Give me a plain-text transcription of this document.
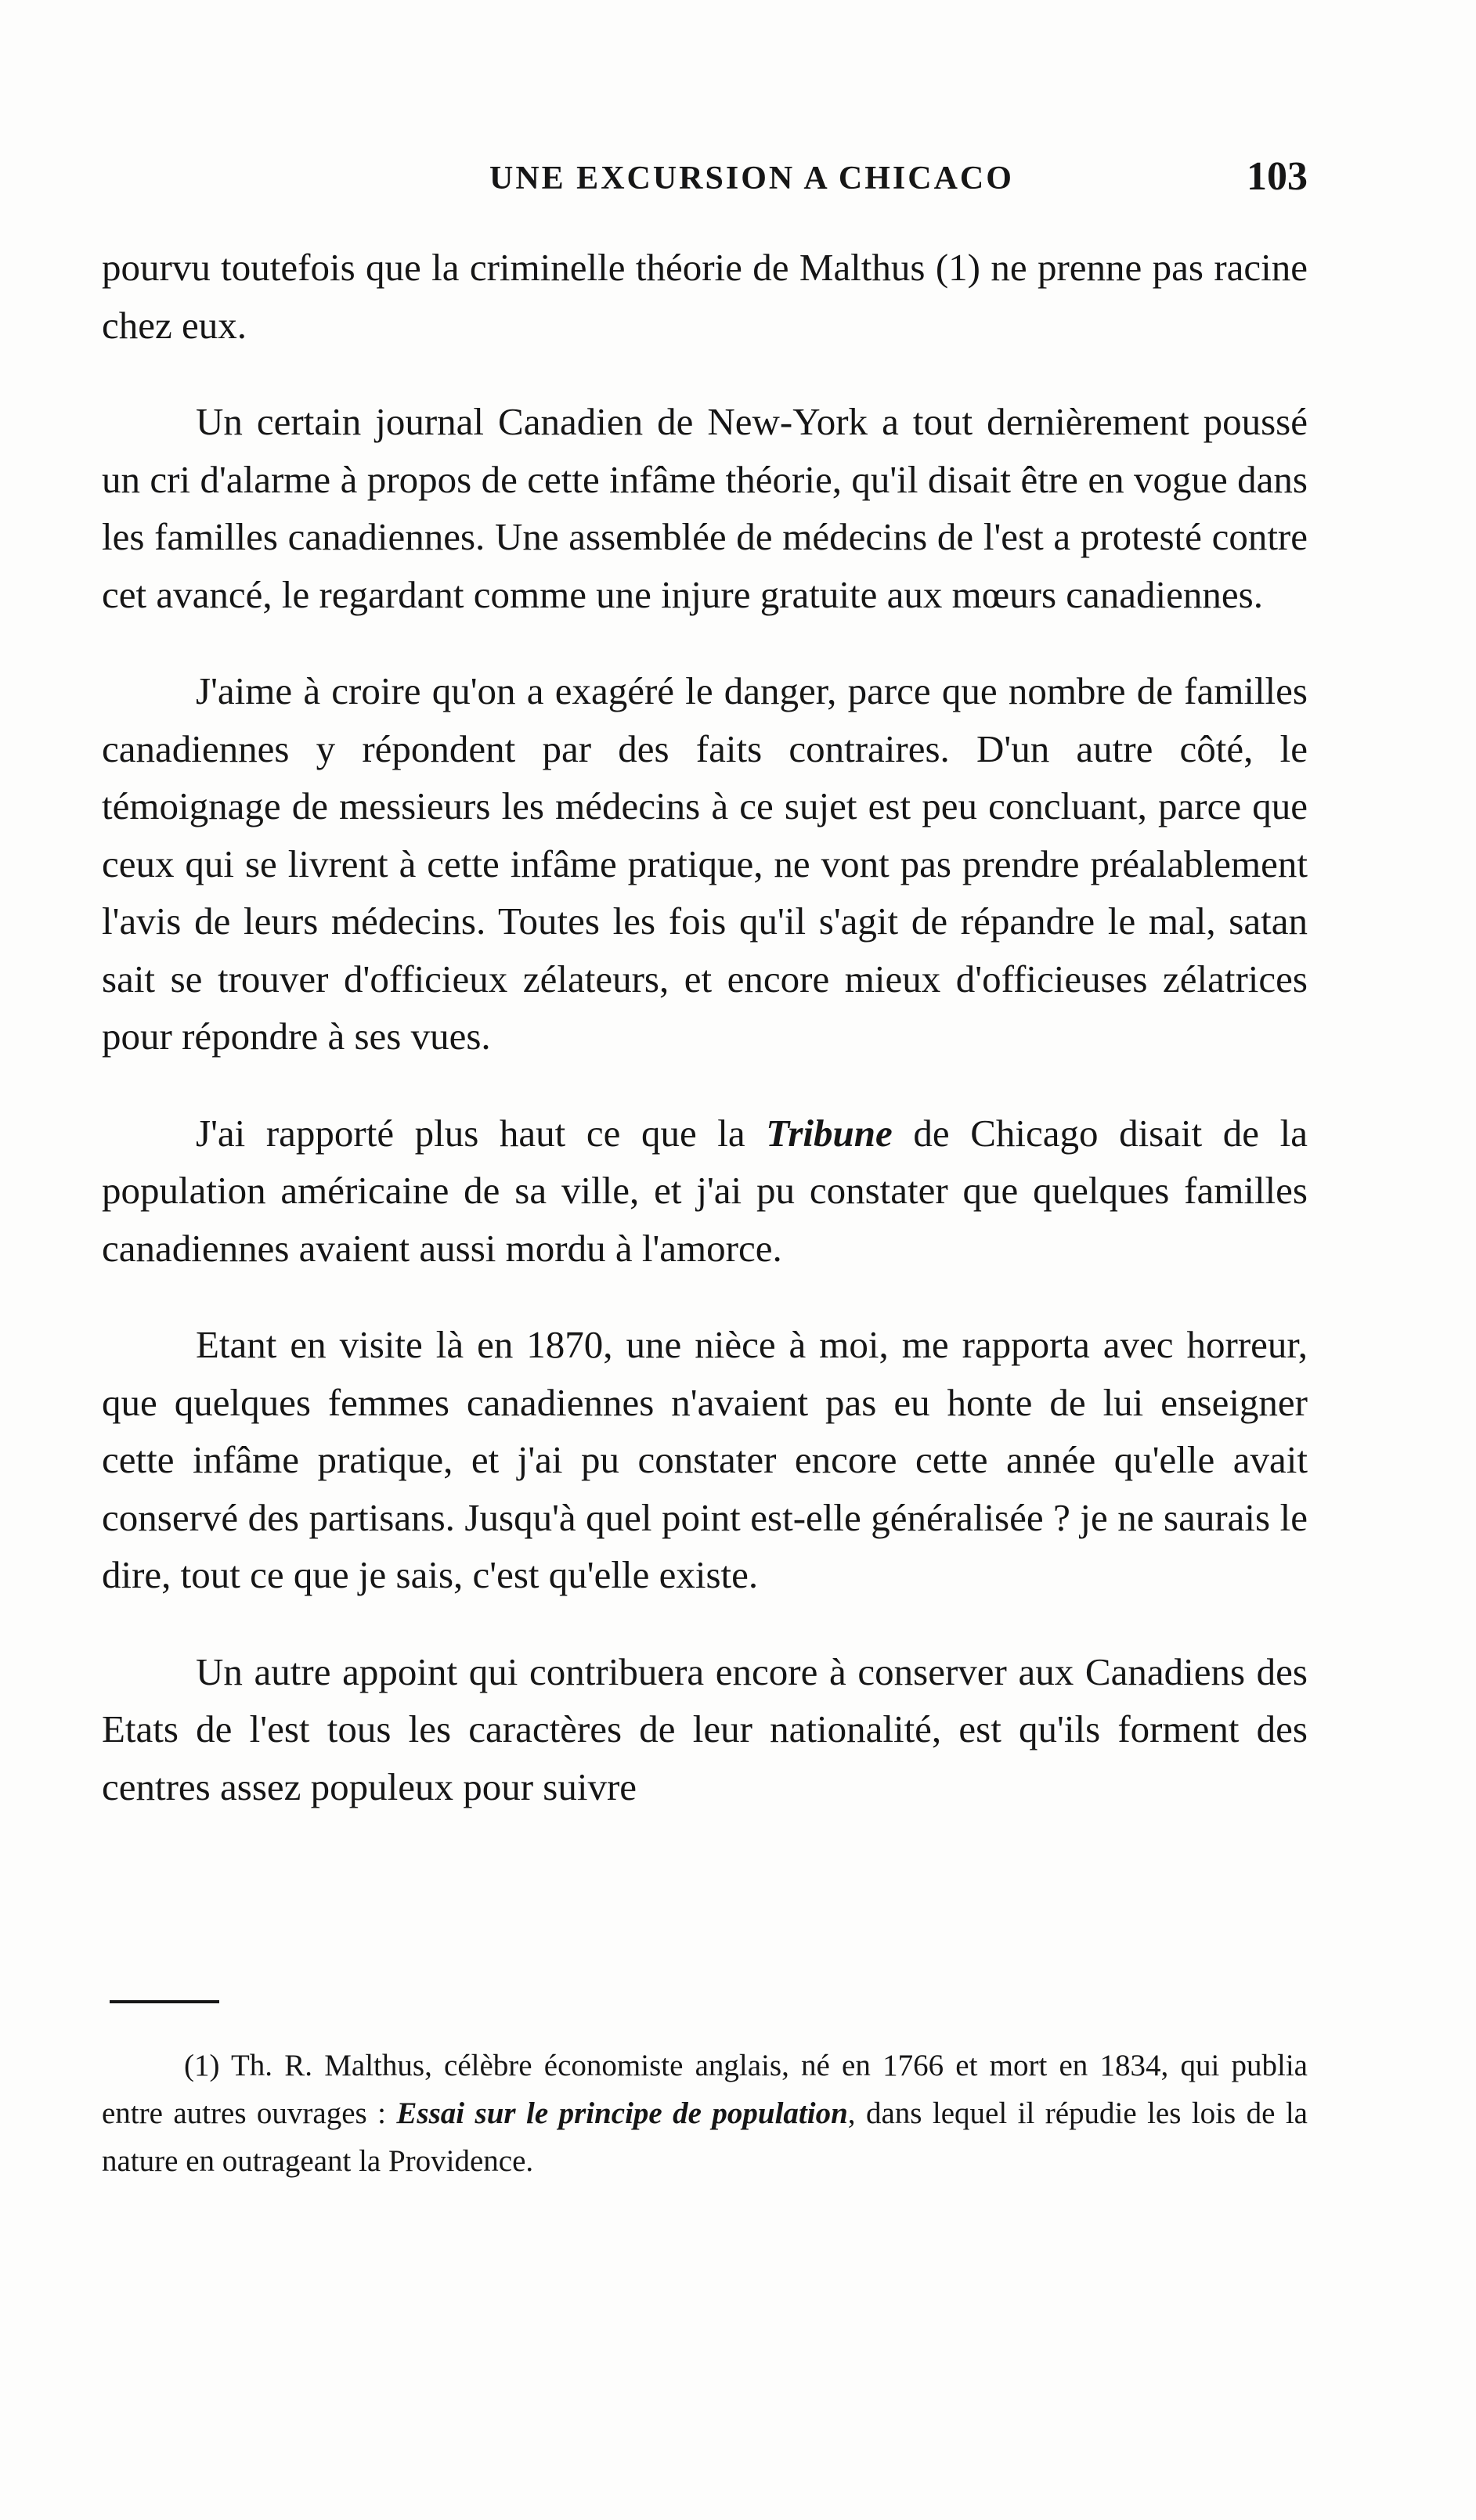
UNE EXCURSION A CHICACO	103

pourvu toutefois que la criminelle théorie de Malthus (1) ne prenne pas racine chez eux.

Un certain journal Canadien de New-York a tout dernièrement poussé un cri d'alarme à propos de cette infâme théorie, qu'il disait être en vogue dans les familles canadiennes. Une assemblée de médecins de l'est a protesté contre cet avancé, le regardant comme une injure gratuite aux mœurs canadiennes.

J'aime à croire qu'on a exagéré le danger, parce que nombre de familles canadiennes y répondent par des faits contraires. D'un autre côté, le témoignage de messieurs les médecins à ce sujet est peu concluant, parce que ceux qui se livrent à cette infâme pratique, ne vont pas prendre préalablement l'avis de leurs médecins. Toutes les fois qu'il s'agit de répandre le mal, satan sait se trouver d'officieux zélateurs, et encore mieux d'officieuses zélatrices pour répondre à ses vues.

J'ai rapporté plus haut ce que la Tribune de Chicago disait de la population américaine de sa ville, et j'ai pu constater que quelques familles canadiennes avaient aussi mordu à l'amorce.

Etant en visite là en 1870, une nièce à moi, me rapporta avec horreur, que quelques femmes canadiennes n'avaient pas eu honte de lui enseigner cette infâme pratique, et j'ai pu constater encore cette année qu'elle avait conservé des partisans. Jusqu'à quel point est-elle généralisée ? je ne saurais le dire, tout ce que je sais, c'est qu'elle existe.

Un autre appoint qui contribuera encore à conserver aux Canadiens des Etats de l'est tous les caractères de leur nationalité, est qu'ils forment des centres assez populeux pour suivre

(1) Th. R. Malthus, célèbre économiste anglais, né en 1766 et mort en 1834, qui publia entre autres ouvrages : Essai sur le principe de population, dans lequel il répudie les lois de la nature en outrageant la Providence.
